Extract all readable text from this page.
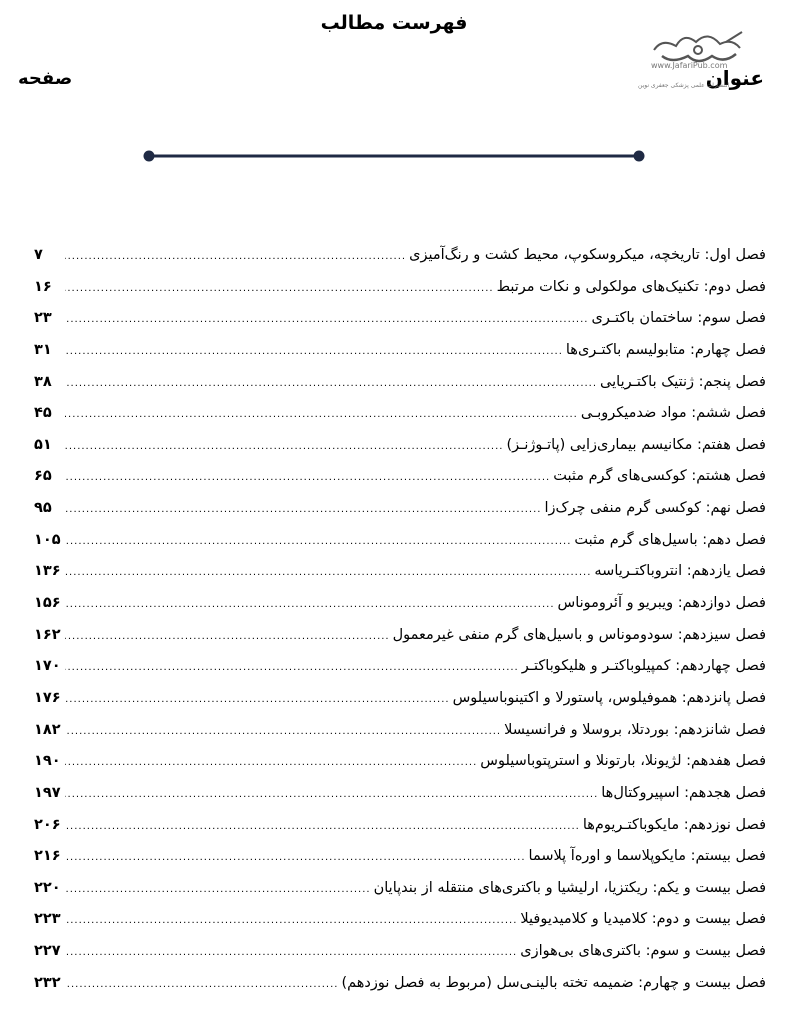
فهرست مطالب
صفحه	عنوان
www.JafariPub.com
انتشارات علمی پزشکی جعفری نوین
فصل اول: تاریخچه، میکروسکوپ، محیط کشت و رنگ‌آمیزی
.....
۷
فصل دوم: تکنیک‌های مولکولی و نکات مرتبط
.....
۱۶
فصل سوم: ساختمان باکتـری
.....
۲۳
فصل چهارم: متابولیسم باکتـری‌ها
.....
۳۱
فصل پنجم: ژنتیک باکتـریایی
.....
۳۸
فصل ششم: مواد ضدمیکروبـی
.....
۴۵
فصل هفتم: مکانیسم بیماری‌زایی (پاتـوژنـز)
.....
۵۱
فصل هشتم: کوکسی‌های گرم مثبت
.....
۶۵
فصل نهم: کوکسی گرم منفی چرک‌زا
.....
۹۵
فصل دهم: باسیل‌های گرم مثبت
.....
۱۰۵
فصل یازدهم: انتروباکتـریاسه
.....
۱۳۶
فصل دوازدهم: ویبریو و آئروموناس
.....
۱۵۶
فصل سیزدهم: سودوموناس و باسیل‌های گرم منفی غیرمعمول
.....
۱۶۲
فصل چهاردهم: کمپیلوباکتـر و هلیکوباکتـر
.....
۱۷۰
فصل پانزدهم: هموفیلوس، پاستورلا و اکتینوباسیلوس
.....
۱۷۶
فصل شانزدهم: بوردتلا، بروسلا و فرانسیسلا
.....
۱۸۲
فصل هفدهم: لژیونلا، بارتونلا و استرپتوباسیلوس
.....
۱۹۰
فصل هجدهم: اسپیروکتال‌ها
.....
۱۹۷
فصل نوزدهم: مایکوباکتـریوم‌ها
.....
۲۰۶
فصل بیستم: مایکوپلاسما و اوره‌آ پلاسما
.....
۲۱۶
فصل بیست و یکم: ریکتزیا، ارلیشیا و باکتری‌های منتقله از بندپایان
.....
۲۲۰
فصل بیست و دوم: کلامیدیا و کلامیدیوفیلا
.....
۲۲۳
فصل بیست و سوم: باکتری‌های بی‌هوازی
.....
۲۲۷
فصل بیست و چهارم: ضمیمه تخته بالینـی‌سل (مربوط به فصل نوزدهم)
.....
۲۳۲
